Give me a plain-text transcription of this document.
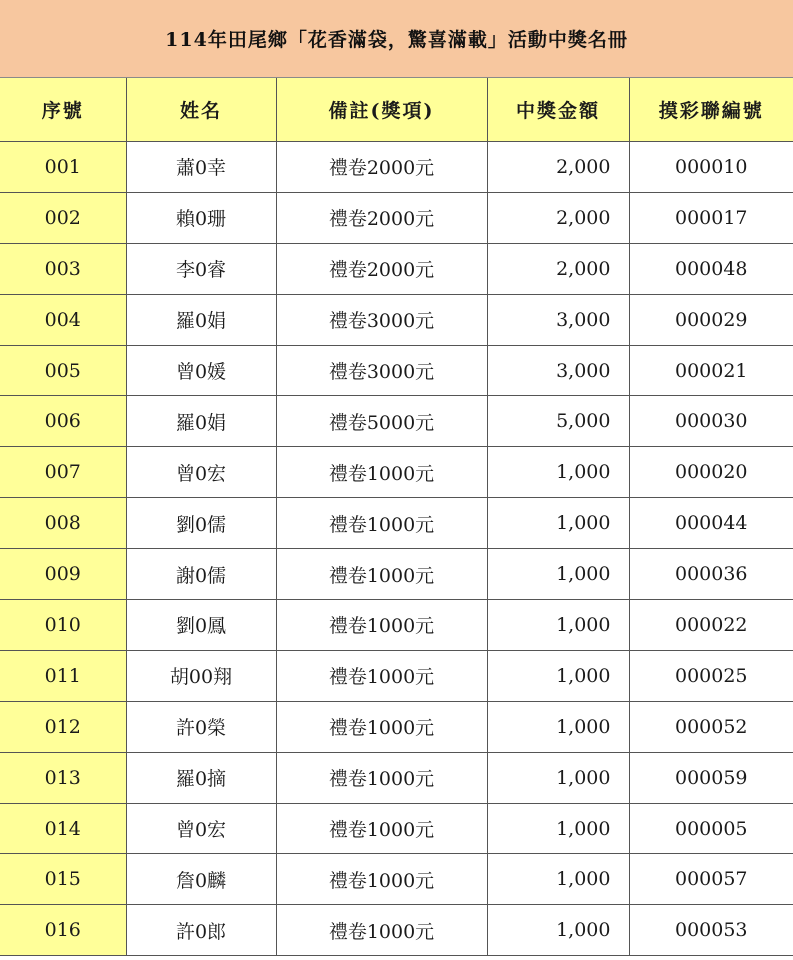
114年田尾鄉「花香滿袋，驚喜滿載」活動中獎名冊
序號	姓名	備註(獎項)	中獎金額	摸彩聯編號
001	蕭0幸	禮卷2000元	2,000	000010
002	賴0珊	禮卷2000元	2,000	000017
003	李0睿	禮卷2000元	2,000	000048
004	羅0娟	禮卷3000元	3,000	000029
005	曾0媛	禮卷3000元	3,000	000021
006	羅0娟	禮卷5000元	5,000	000030
007	曾0宏	禮卷1000元	1,000	000020
008	劉0儒	禮卷1000元	1,000	000044
009	謝0儒	禮卷1000元	1,000	000036
010	劉0鳳	禮卷1000元	1,000	000022
011	胡00翔	禮卷1000元	1,000	000025
012	許0榮	禮卷1000元	1,000	000052
013	羅0摘	禮卷1000元	1,000	000059
014	曾0宏	禮卷1000元	1,000	000005
015	詹0麟	禮卷1000元	1,000	000057
016	許0郎	禮卷1000元	1,000	000053
